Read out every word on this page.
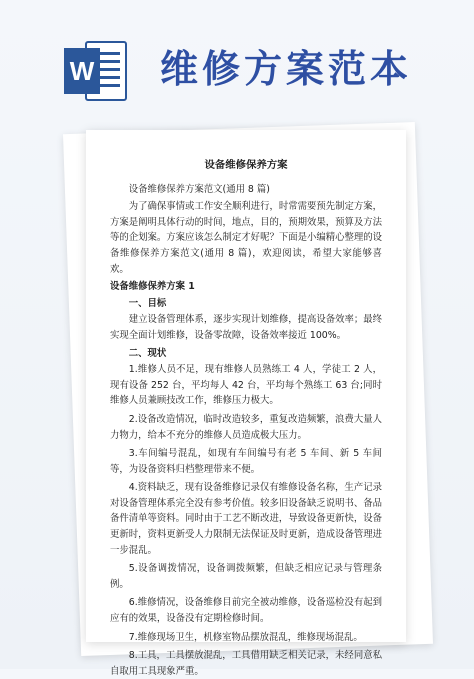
W 维修方案范本
设备维修保养方案
设备维修保养方案范文(通用 8 篇)

为了确保事情或工作安全顺利进行，时常需要预先制定方案，方案是阐明具体行动的时间，地点，目的，预期效果，预算及方法等的企划案。方案应该怎么制定才好呢？下面是小编精心整理的设备维修保养方案范文(通用 8 篇)，欢迎阅读，希望大家能够喜欢。

设备维修保养方案 1
一、目标

建立设备管理体系，逐步实现计划维修，提高设备效率；最终实现全面计划维修，设备零故障，设备效率接近 100%。

二、现状

1.维修人员不足，现有维修人员熟练工 4 人，学徒工 2 人，现有设备 252 台，平均每人 42 台，平均每个熟练工 63 台;同时维修人员兼顾技改工作，维修压力极大。

2.设备改造情况，临时改造较多，重复改造频繁，浪费大量人力物力，给本不充分的维修人员造成极大压力。

3.车间编号混乱，如现有车间编号有老 5 车间、新 5 车间等，为设备资料归档整理带来不便。

4.资料缺乏，现有设备维修记录仅有维修设备名称，生产记录对设备管理体系完全没有参考价值。较多旧设备缺乏说明书、备品备件清单等资料。同时由于工艺不断改进，导致设备更新快，设备更新时，资料更新受人力限制无法保证及时更新，造成设备管理进一步混乱。

5.设备调拨情况，设备调拨频繁，但缺乏相应记录与管理条例。

6.维修情况，设备维修目前完全被动维修，设备巡检没有起到应有的效果，设备没有定期检修时间。

7.维修现场卫生，机修室物品摆放混乱，维修现场混乱。

8.工具，工具摆放混乱，工具借用缺乏相关记录，未经同意私自取用工具现象严重。
